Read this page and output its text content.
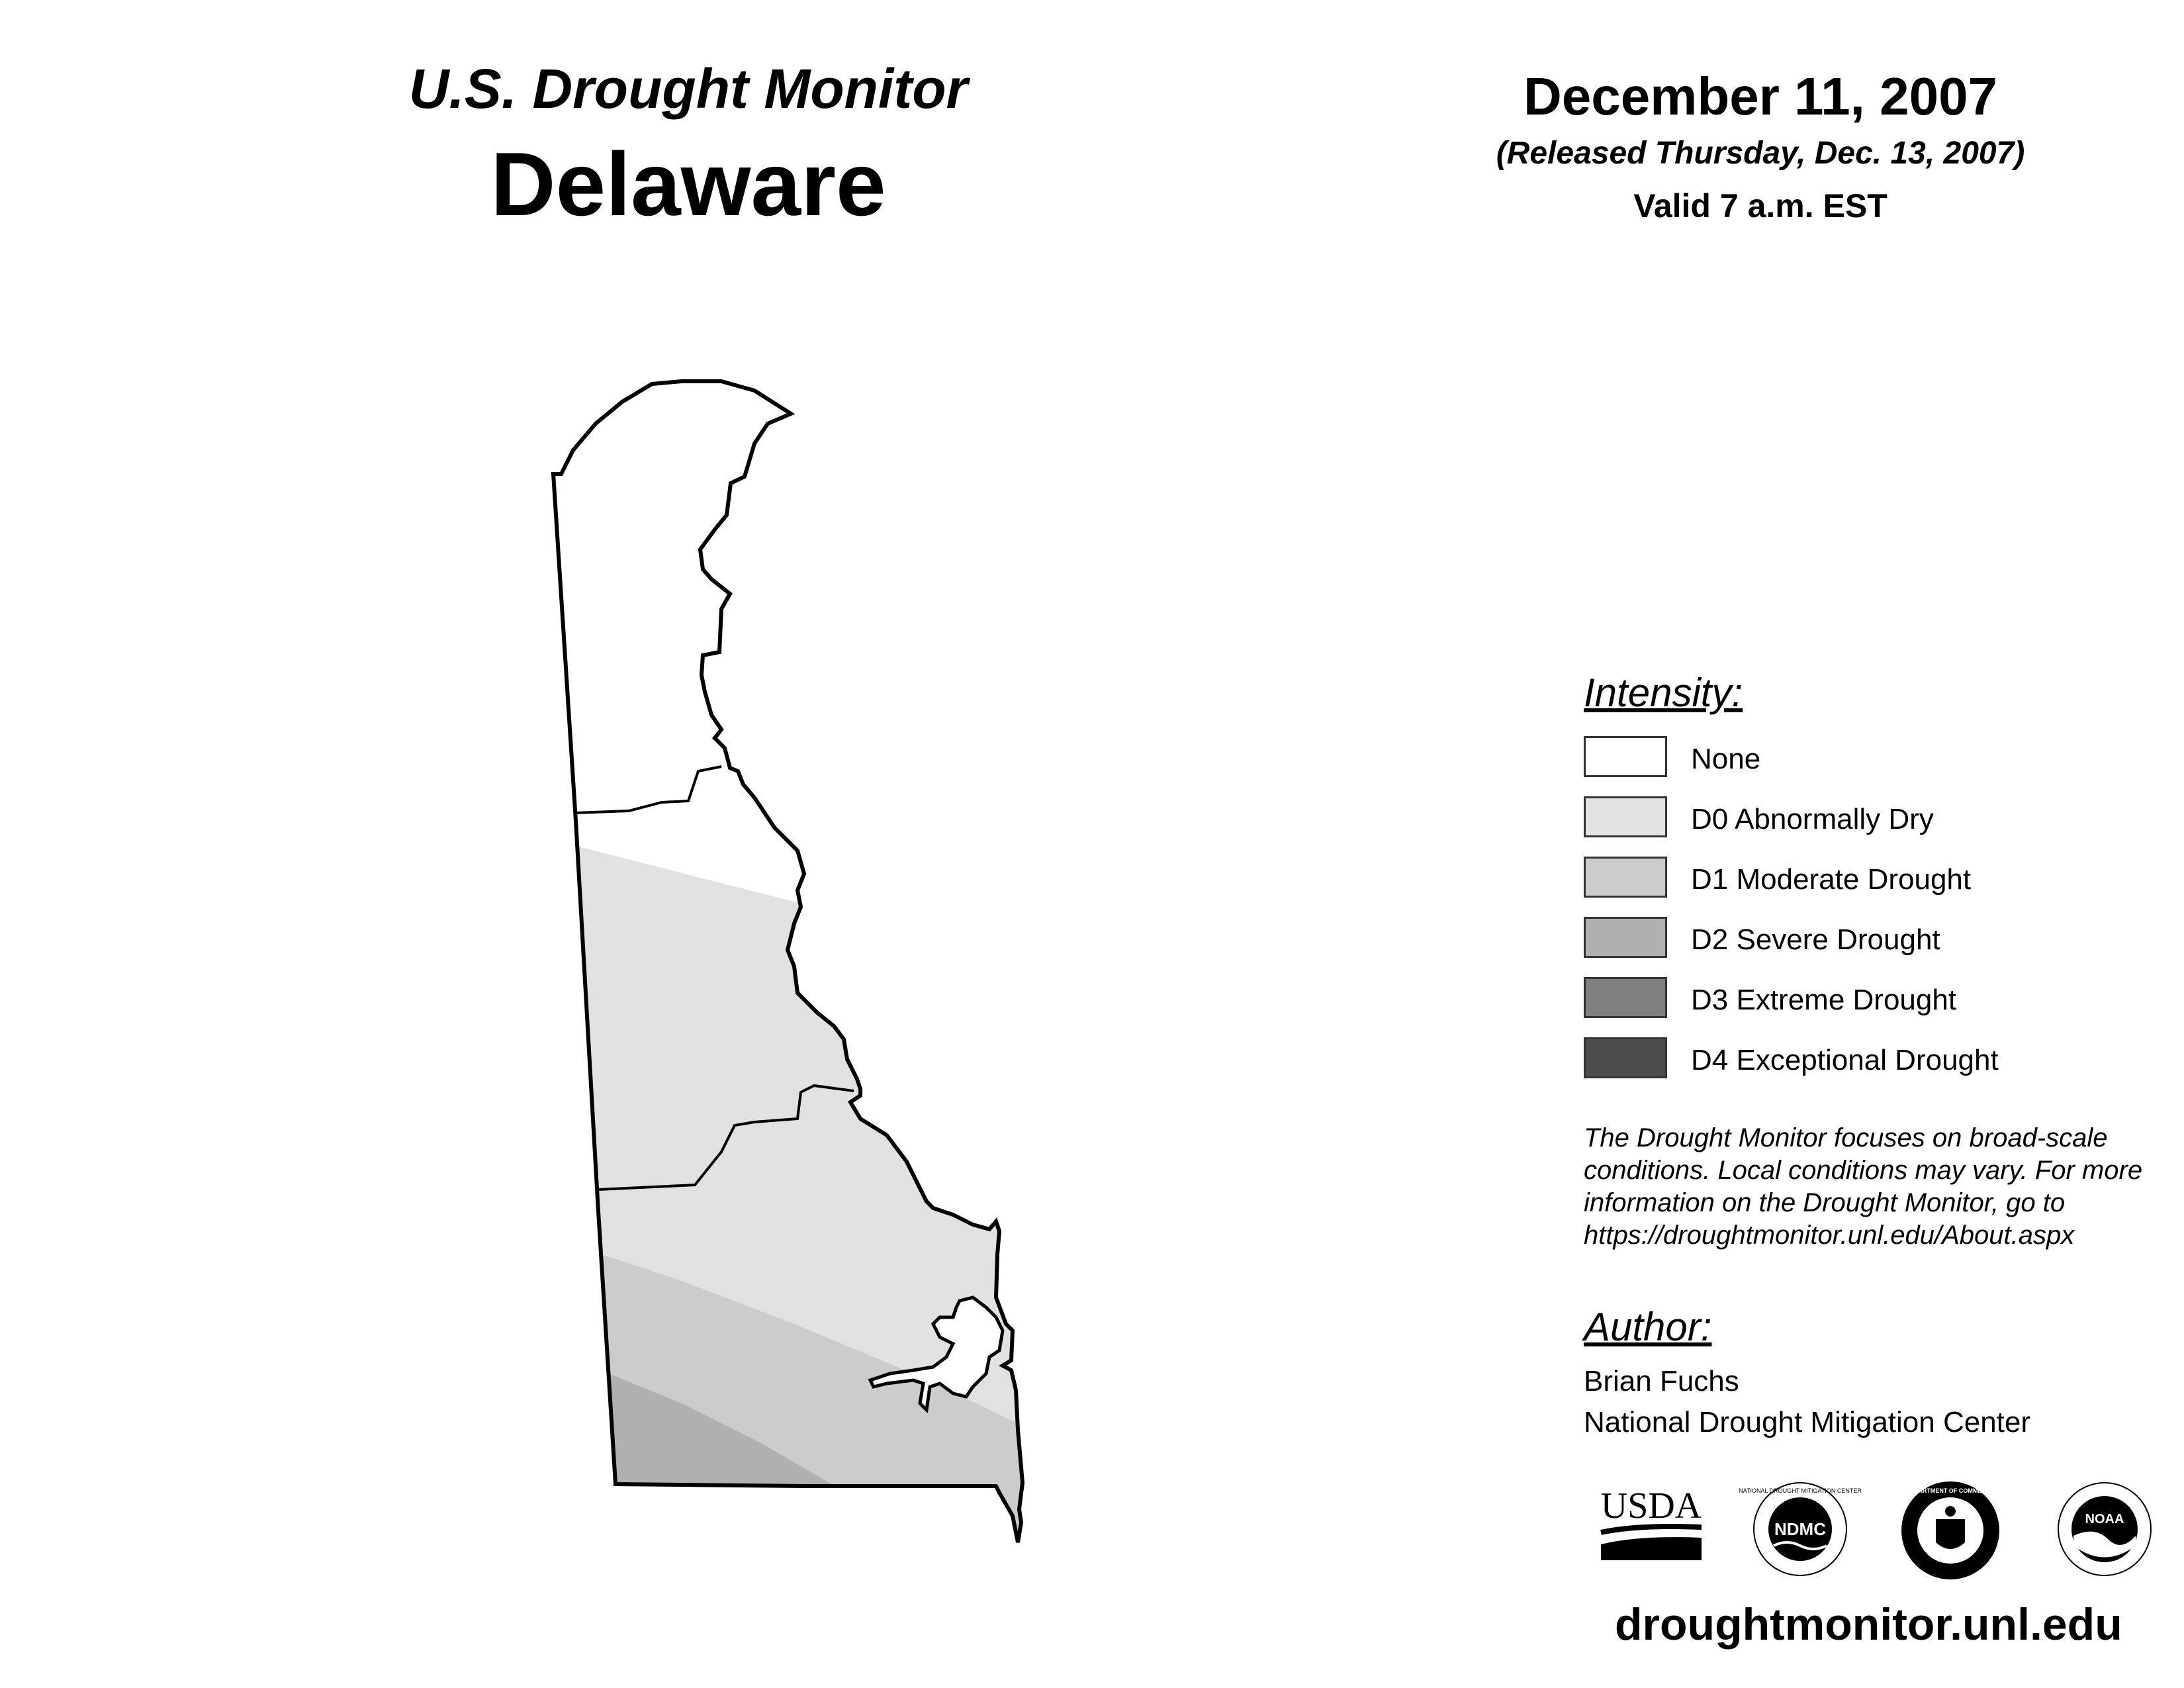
U.S. Drought Monitor
Delaware
December 11, 2007
(Released Thursday, Dec. 13, 2007)
Valid 7 a.m. EST
Intensity:
None
D0 Abnormally Dry
D1 Moderate Drought
D2 Severe Drought
D3 Extreme Drought
D4 Exceptional Drought
The Drought Monitor focuses on broad-scale conditions. Local conditions may vary. For more information on the Drought Monitor, go to https://droughtmonitor.unl.edu/About.aspx
Author:
Brian Fuchs
National Drought Mitigation Center
USDA
NDMC
NATIONAL DROUGHT MITIGATION CENTER	DEPARTMENT OF COMMERCE
NOAA
droughtmonitor.unl.edu
